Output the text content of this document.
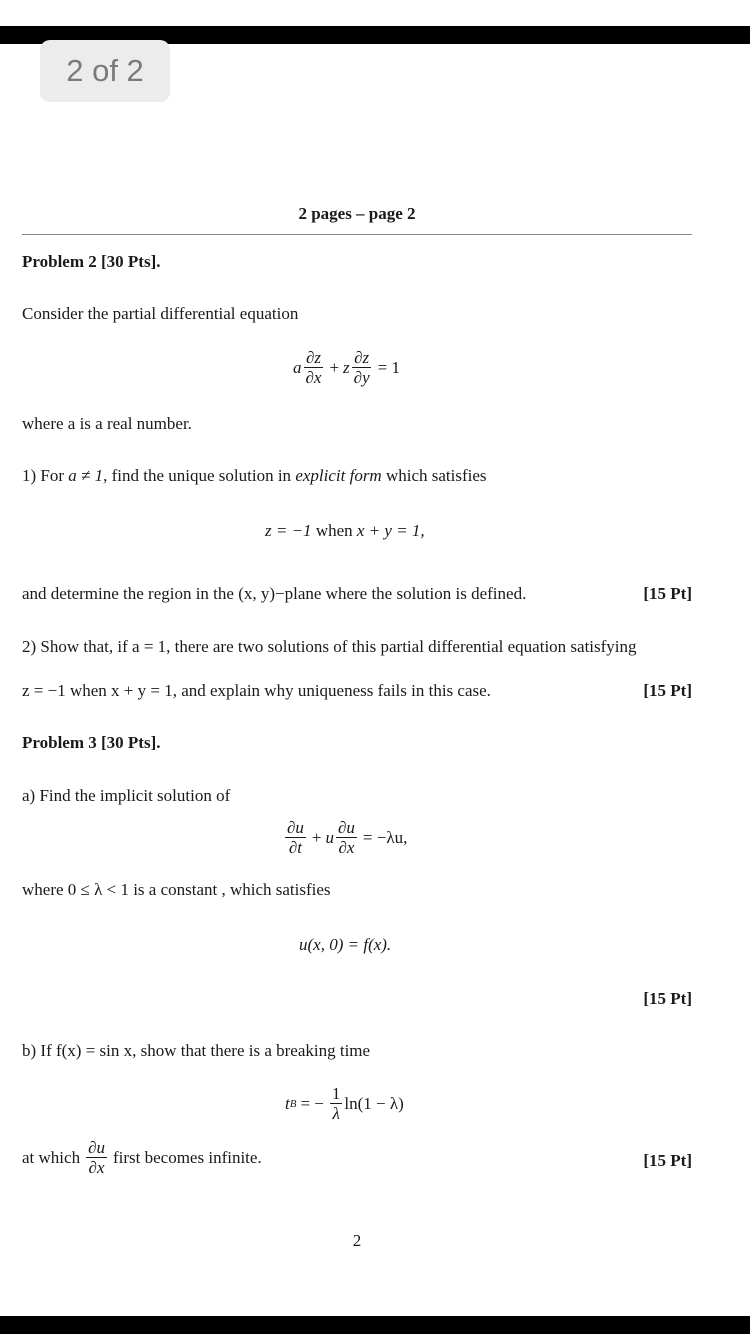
2 of 2
2 pages – page 2
Problem 2 [30 Pts].
Consider the partial differential equation
a $\frac{\partial z}{\partial x} + z \frac{\partial z}{\partial y} = 1$
where a is a real number.
1) For a ≠ 1, find the unique solution in explicit form which satisfies
z = −1 when x + y = 1,
and determine the region in the (x, y)−plane where the solution is defined.	[15 Pt]
2) Show that, if a = 1, there are two solutions of this partial differential equation satisfying
z = −1 when x + y = 1, and explain why uniqueness fails in this case.	[15 Pt]
Problem 3 [30 Pts].
a) Find the implicit solution of
$\frac{\partial u}{\partial t} + u \frac{\partial u}{\partial x} = -\lambda u$,
where 0 ≤ λ < 1 is a constant , which satisfies
u(x, 0) = f(x).
[15 Pt]
b) If f(x) = sin x, show that there is a breaking time
t B = − $\frac{1}{\lambda} \ln(1 - \lambda)$
at which $\frac{\partial u}{\partial x}$ first becomes infinite.	[15 Pt]
2
